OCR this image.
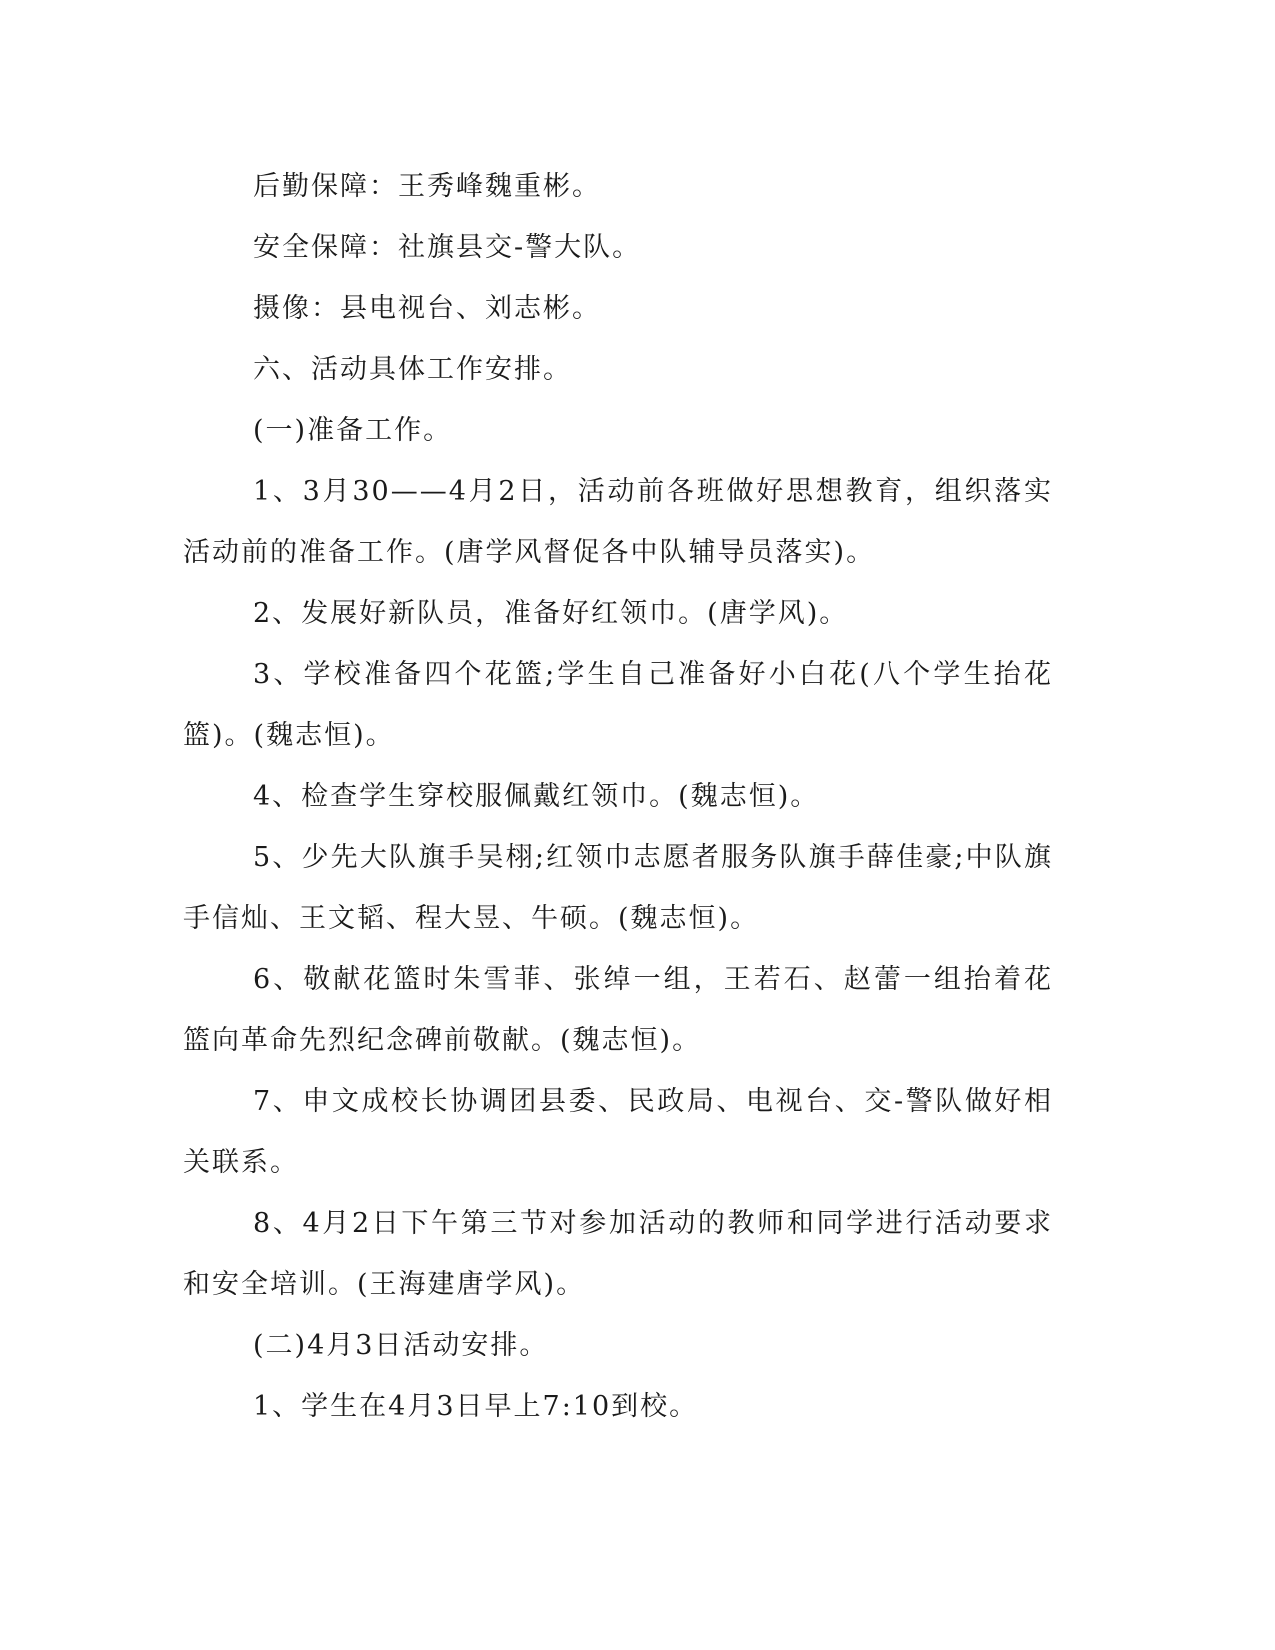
后勤保障：王秀峰魏重彬。

安全保障：社旗县交-警大队。

摄像：县电视台、刘志彬。

六、活动具体工作安排。

(一)准备工作。

1、3月30——4月2日，活动前各班做好思想教育，组织落实活动前的准备工作。(唐学风督促各中队辅导员落实)。

2、发展好新队员，准备好红领巾。(唐学风)。

3、学校准备四个花篮;学生自己准备好小白花(八个学生抬花篮)。(魏志恒)。

4、检查学生穿校服佩戴红领巾。(魏志恒)。

5、少先大队旗手吴栩;红领巾志愿者服务队旗手薛佳豪;中队旗手信灿、王文韬、程大昱、牛硕。(魏志恒)。

6、敬献花篮时朱雪菲、张绰一组，王若石、赵蕾一组抬着花篮向革命先烈纪念碑前敬献。(魏志恒)。

7、申文成校长协调团县委、民政局、电视台、交-警队做好相关联系。

8、4月2日下午第三节对参加活动的教师和同学进行活动要求和安全培训。(王海建唐学风)。

(二)4月3日活动安排。

1、学生在4月3日早上7:10到校。
